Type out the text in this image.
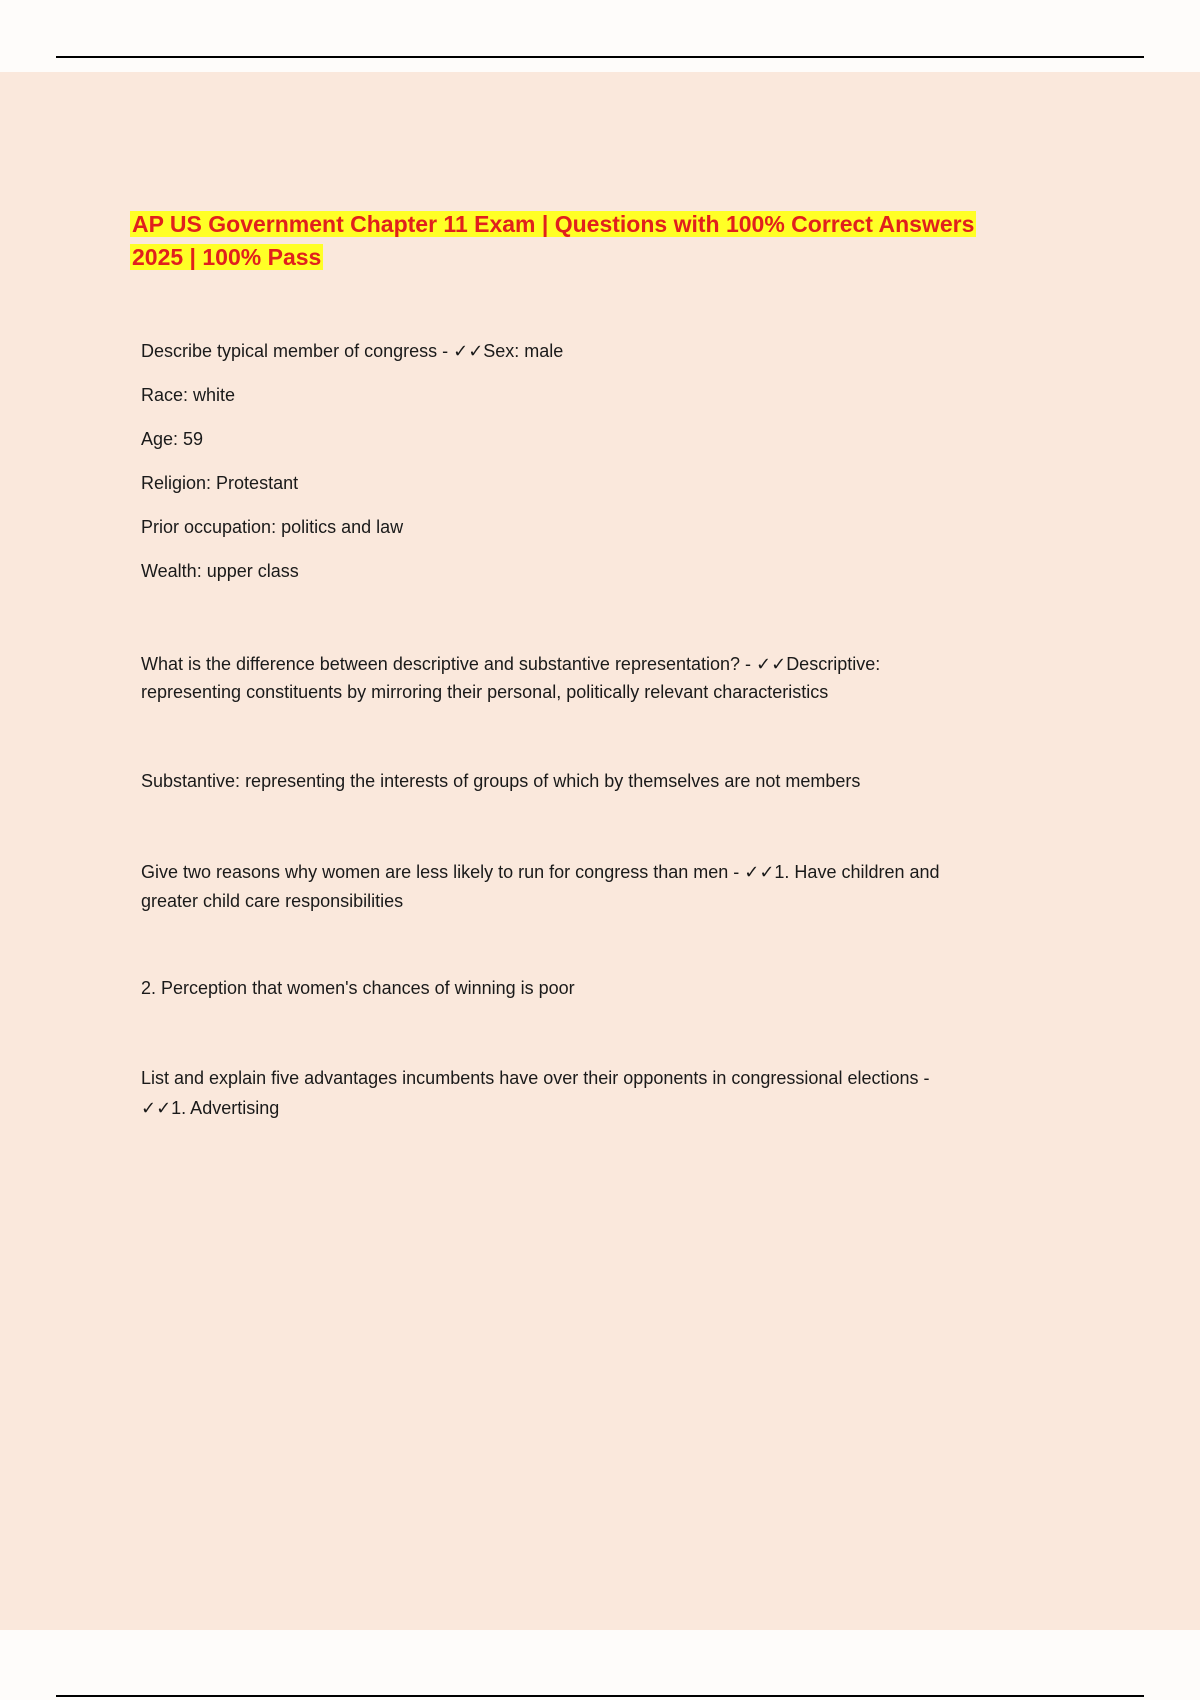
AP US Government Chapter 11 Exam | Questions with 100% Correct Answers
2025 | 100% Pass

Describe typical member of congress - ✓✓Sex: male

Race: white

Age: 59

Religion: Protestant

Prior occupation: politics and law

Wealth: upper class

What is the difference between descriptive and substantive representation? - ✓✓Descriptive:

representing constituents by mirroring their personal, politically relevant characteristics

Substantive: representing the interests of groups of which by themselves are not members

Give two reasons why women are less likely to run for congress than men - ✓✓1. Have children and

greater child care responsibilities

2. Perception that women's chances of winning is poor

List and explain five advantages incumbents have over their opponents in congressional elections -

✓✓1. Advertising
